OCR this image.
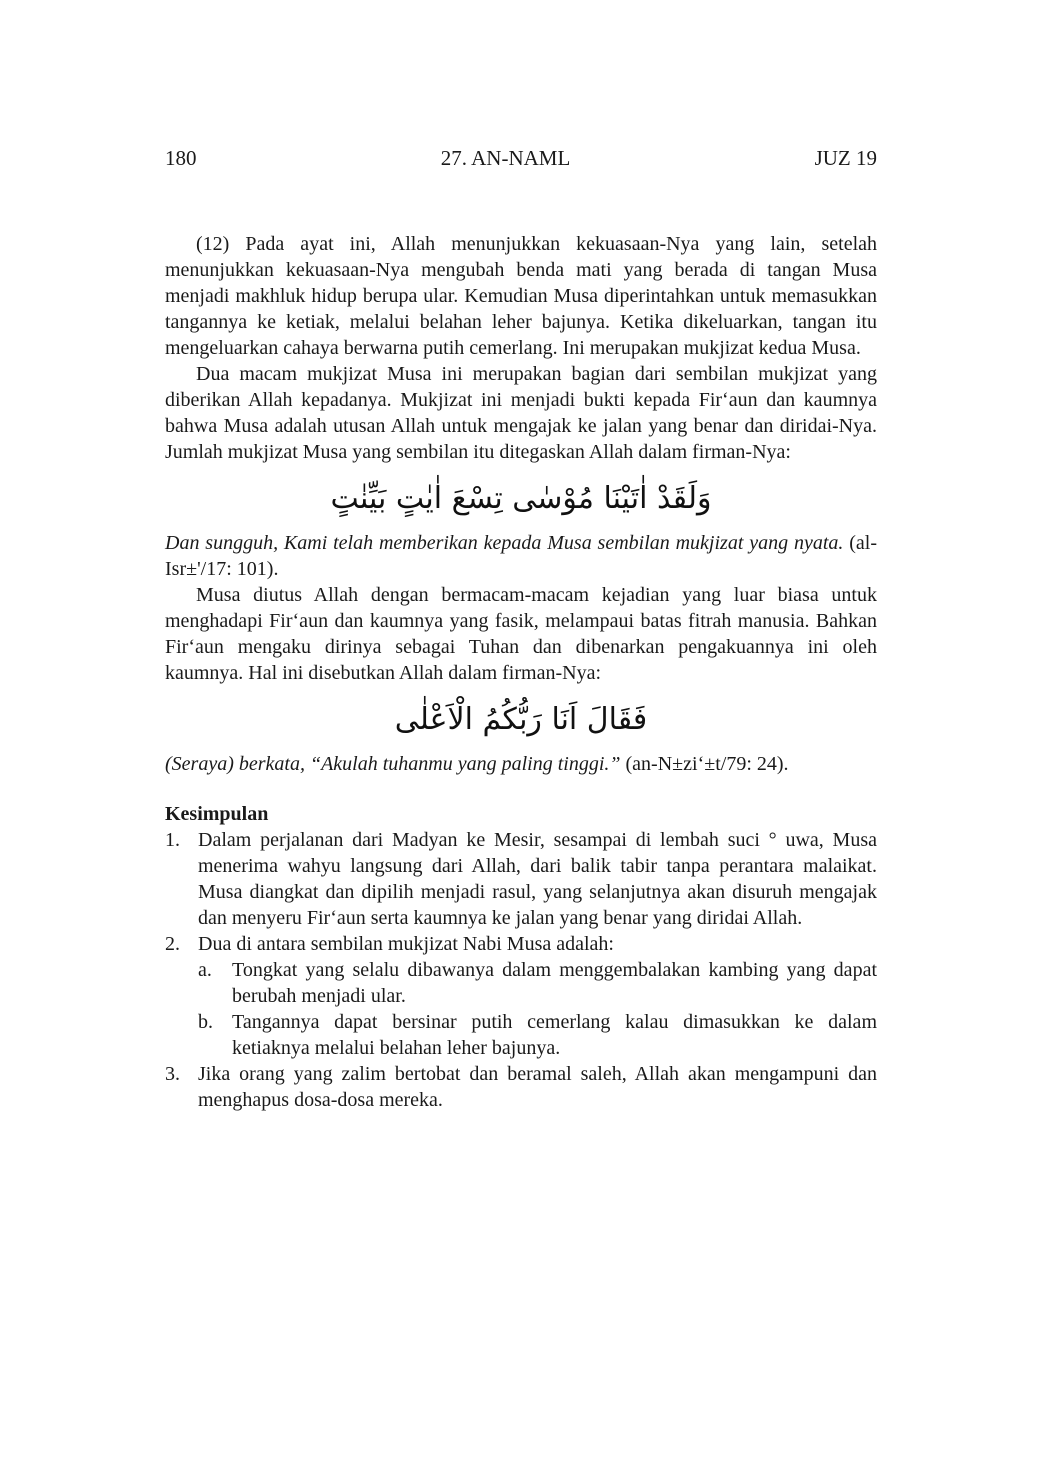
180	27. AN-NAML	JUZ 19

(12) Pada ayat ini, Allah menunjukkan kekuasaan-Nya yang lain, setelah menunjukkan kekuasaan-Nya mengubah benda mati yang berada di tangan Musa menjadi makhluk hidup berupa ular. Kemudian Musa diperintahkan untuk memasukkan tangannya ke ketiak, melalui belahan leher bajunya. Ketika dikeluarkan, tangan itu mengeluarkan cahaya berwarna putih cemerlang. Ini merupakan mukjizat kedua Musa.

Dua macam mukjizat Musa ini merupakan bagian dari sembilan mukjizat yang diberikan Allah kepadanya. Mukjizat ini menjadi bukti kepada Fir‘aun dan kaumnya bahwa Musa adalah utusan Allah untuk mengajak ke jalan yang benar dan diridai-Nya. Jumlah mukjizat Musa yang sembilan itu ditegaskan Allah dalam firman-Nya:

وَلَقَدْ اٰتَيْنَا مُوْسٰى تِسْعَ اٰيٰتٍ بَيِّنٰتٍ

Dan sungguh, Kami telah memberikan kepada Musa sembilan mukjizat yang nyata. (al-Isr±'/17: 101).

Musa diutus Allah dengan bermacam-macam kejadian yang luar biasa untuk menghadapi Fir‘aun dan kaumnya yang fasik, melampaui batas fitrah manusia. Bahkan Fir‘aun mengaku dirinya sebagai Tuhan dan dibenarkan pengakuannya ini oleh kaumnya. Hal ini disebutkan Allah dalam firman-Nya:

فَقَالَ اَنَا رَبُّكُمُ الْاَعْلٰى

(Seraya) berkata, “Akulah tuhanmu yang paling tinggi.” (an-N±zi‘±t/79: 24).

Kesimpulan

1. Dalam perjalanan dari Madyan ke Mesir, sesampai di lembah suci ° uwa, Musa menerima wahyu langsung dari Allah, dari balik tabir tanpa perantara malaikat. Musa diangkat dan dipilih menjadi rasul, yang selanjutnya akan disuruh mengajak dan menyeru Fir‘aun serta kaumnya ke jalan yang benar yang diridai Allah.
2. Dua di antara sembilan mukjizat Nabi Musa adalah:
a. Tongkat yang selalu dibawanya dalam menggembalakan kambing yang dapat berubah menjadi ular.
b. Tangannya dapat bersinar putih cemerlang kalau dimasukkan ke dalam ketiaknya melalui belahan leher bajunya.
3. Jika orang yang zalim bertobat dan beramal saleh, Allah akan mengampuni dan menghapus dosa-dosa mereka.
